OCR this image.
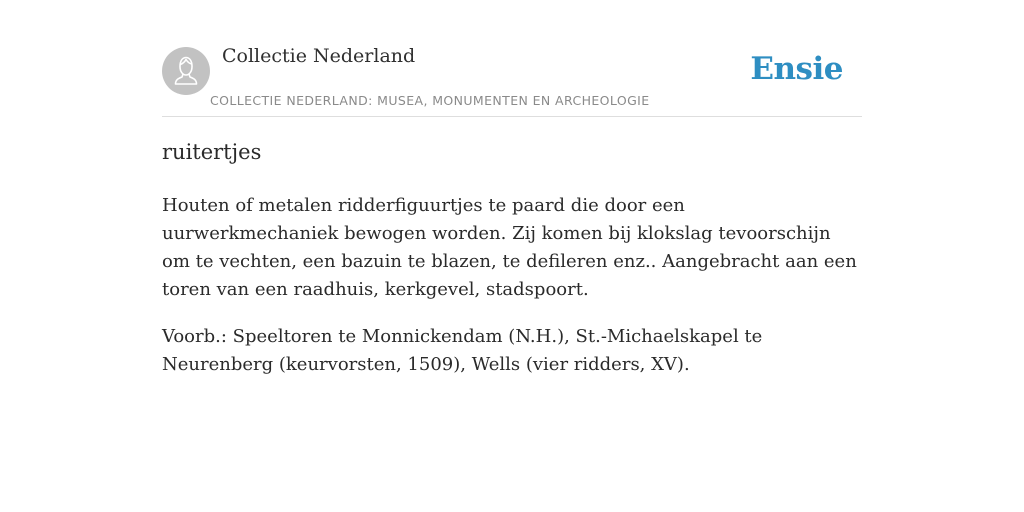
Collectie Nederland
COLLECTIE NEDERLAND: MUSEA, MONUMENTEN EN ARCHEOLOGIE
Ensie
ruitertjes

Houten of metalen ridderfiguurtjes te paard die door een uurwerkmechaniek bewogen worden. Zij komen bij klokslag tevoorschijn om te vechten, een bazuin te blazen, te defileren enz.. Aangebracht aan een toren van een raadhuis, kerkgevel, stadspoort.

Voorb.: Speeltoren te Monnickendam (N.H.), St.-Michaelskapel te Neurenberg (keurvorsten, 1509), Wells (vier ridders, XV).
